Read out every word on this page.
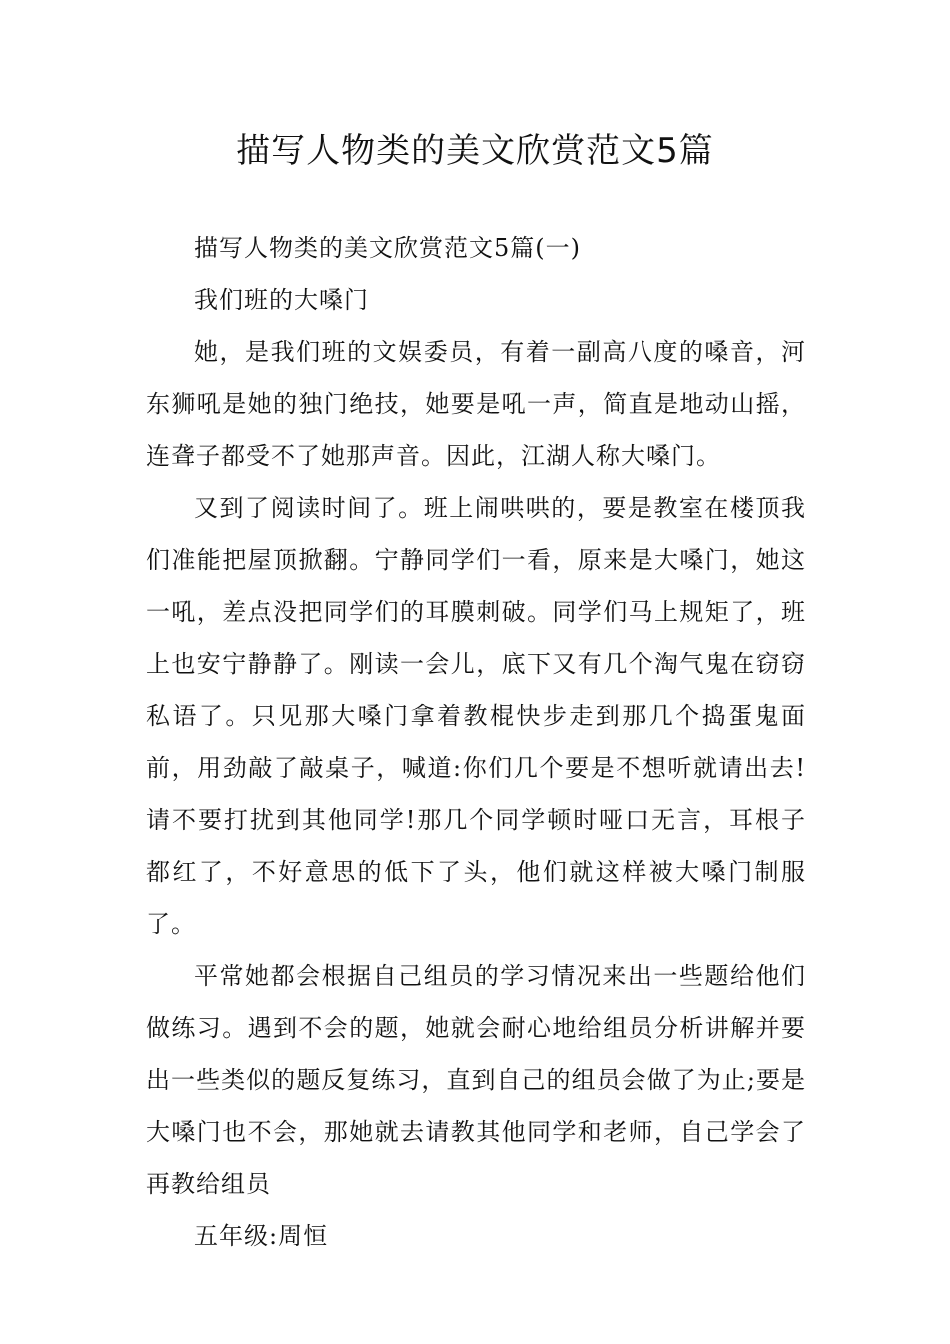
描写人物类的美文欣赏范文5篇

描写人物类的美文欣赏范文5篇(一)

我们班的大嗓门

她，是我们班的文娱委员，有着一副高八度的嗓音，河东狮吼是她的独门绝技，她要是吼一声，简直是地动山摇，连聋子都受不了她那声音。因此，江湖人称大嗓门。

又到了阅读时间了。班上闹哄哄的，要是教室在楼顶我们准能把屋顶掀翻。宁静同学们一看，原来是大嗓门，她这一吼，差点没把同学们的耳膜刺破。同学们马上规矩了，班上也安宁静静了。刚读一会儿，底下又有几个淘气鬼在窃窃私语了。只见那大嗓门拿着教棍快步走到那几个捣蛋鬼面前，用劲敲了敲桌子，喊道:你们几个要是不想听就请出去!请不要打扰到其他同学!那几个同学顿时哑口无言，耳根子都红了，不好意思的低下了头，他们就这样被大嗓门制服了。

平常她都会根据自己组员的学习情况来出一些题给他们做练习。遇到不会的题，她就会耐心地给组员分析讲解并要出一些类似的题反复练习，直到自己的组员会做了为止;要是大嗓门也不会，那她就去请教其他同学和老师，自己学会了再教给组员

五年级:周恒
